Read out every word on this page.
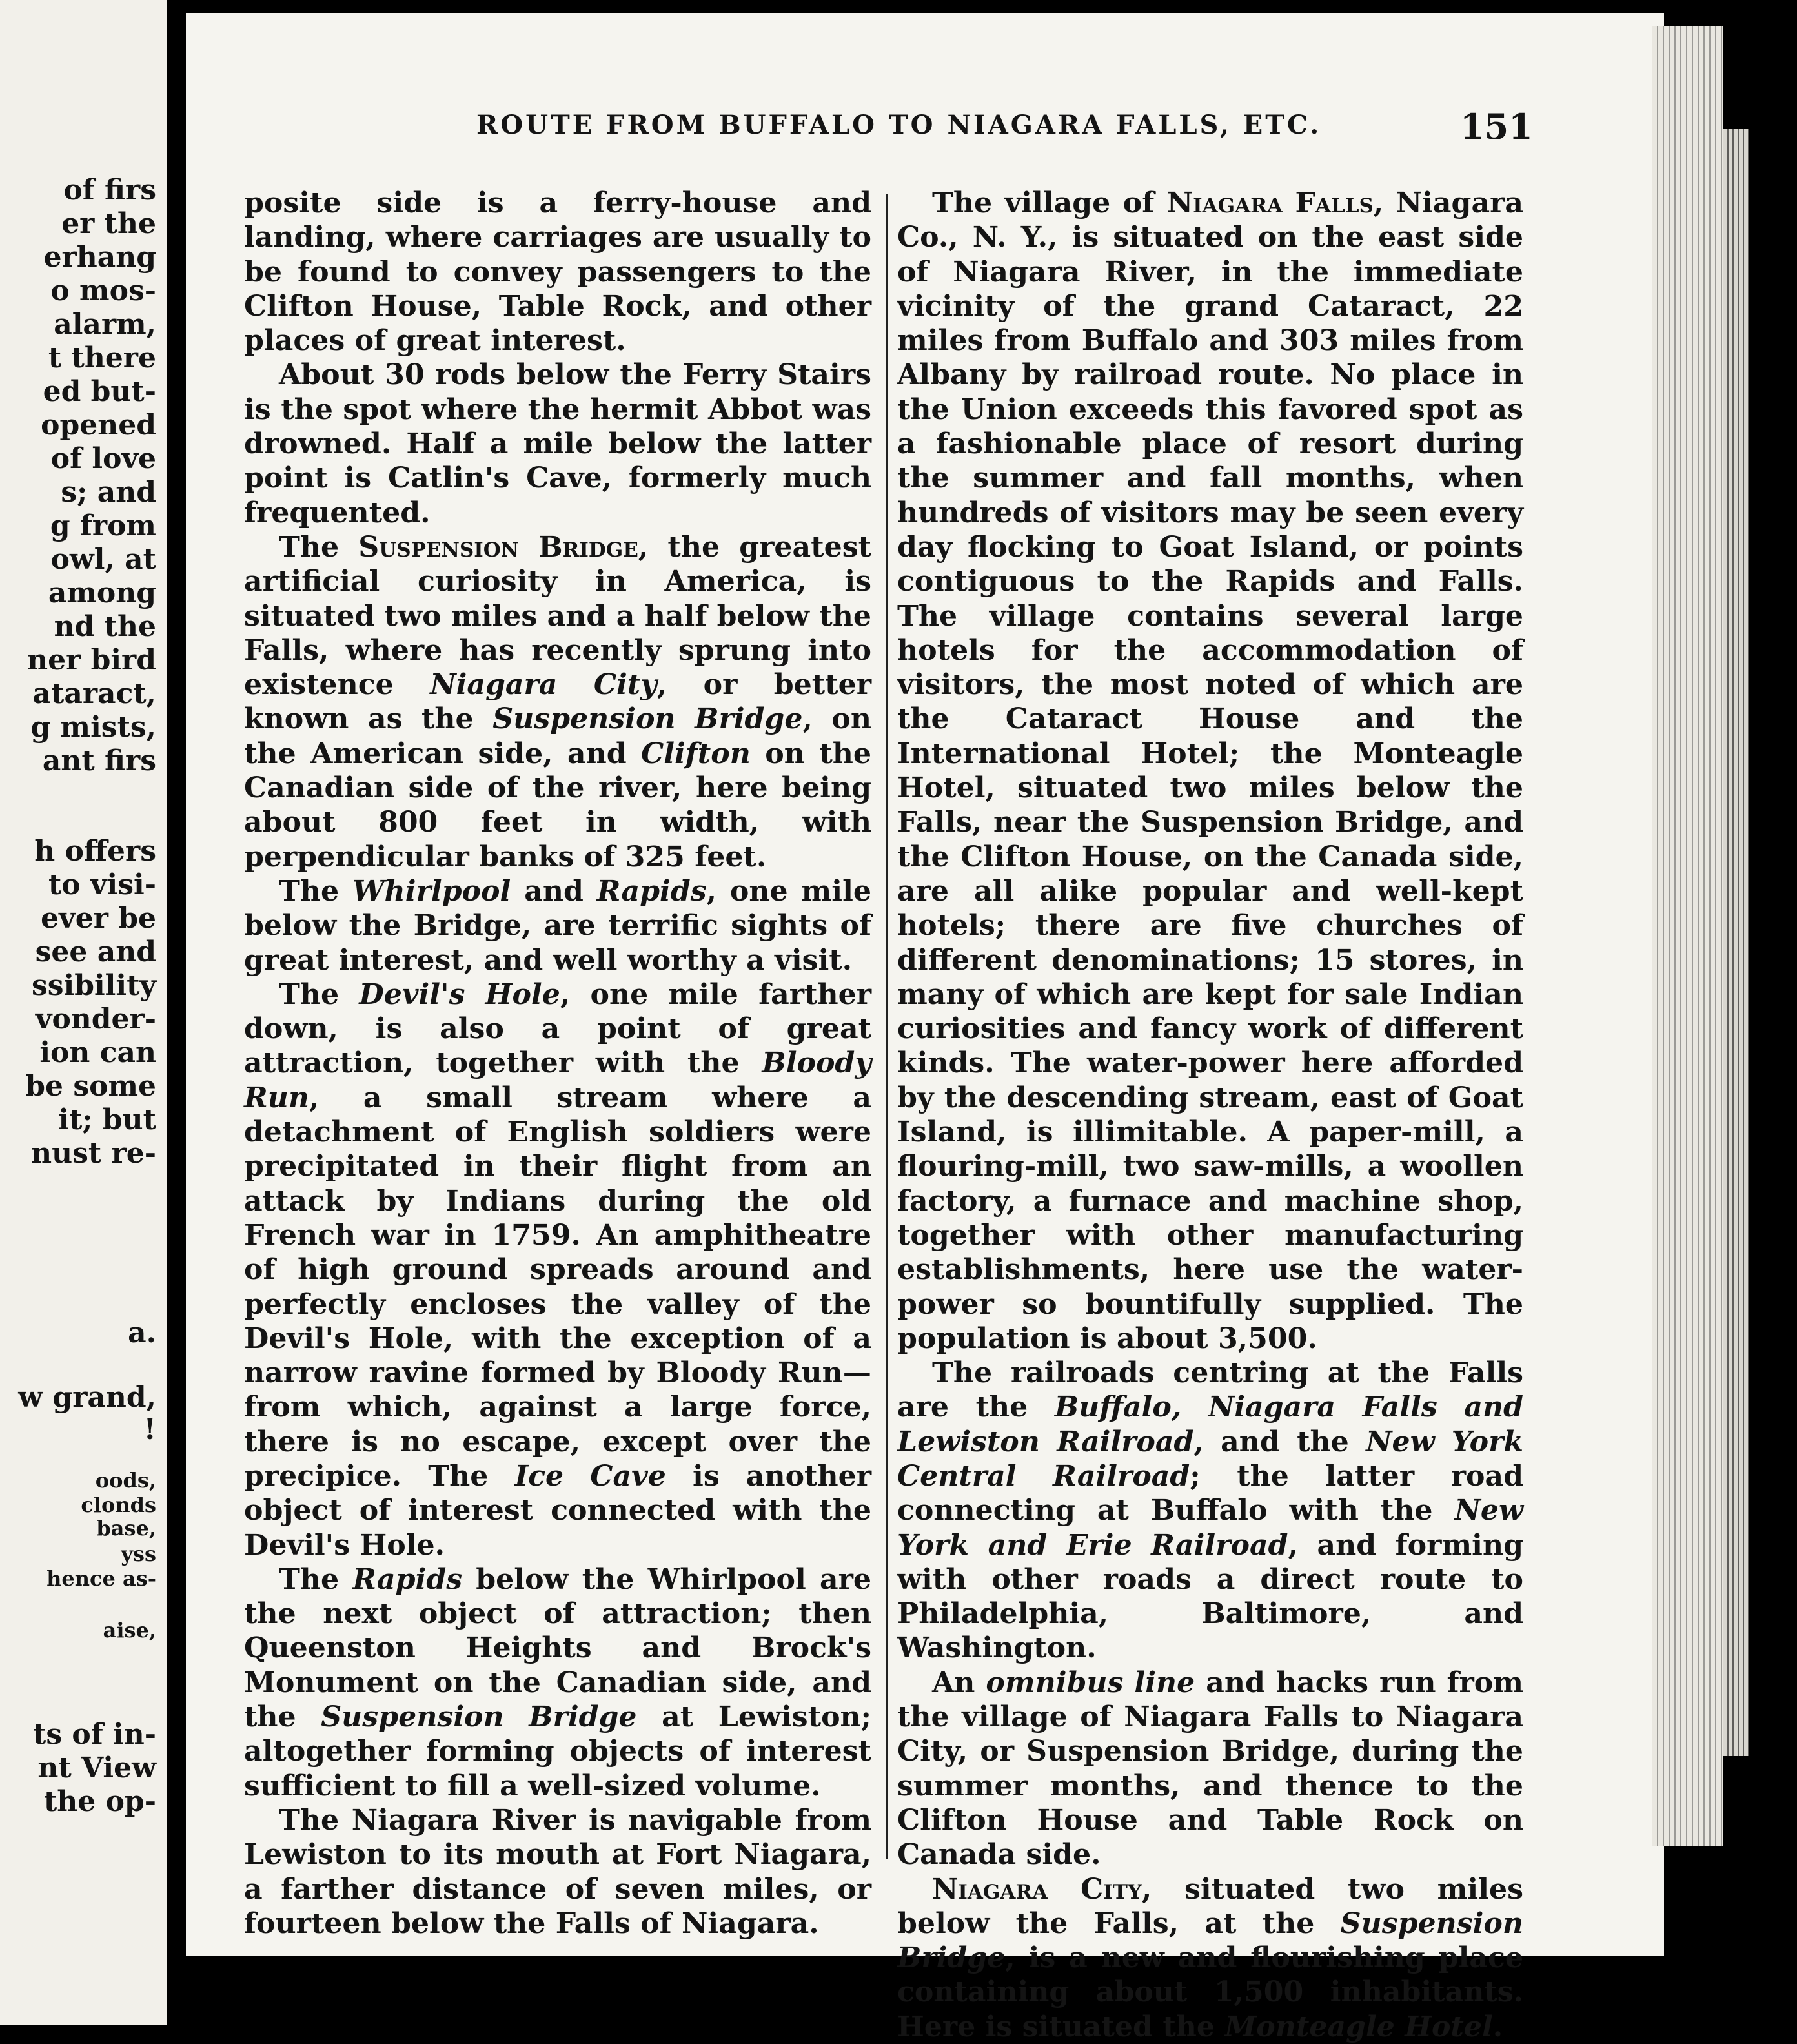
of firs
er the
erhang
o mos-
alarm,
t there
ed but-
opened
of love
s; and
g from
owl, at
among
nd the
ner bird
ataract,
g mists,
ant firs
h offers
to visi-
ever be
see and
ssibility
vonder-
ion can
be some
it; but
nust re-
a.
w grand,
!
oods,
clonds
base,
yss
hence as-
aise,
ts of in-
nt View
the op-
ROUTE FROM BUFFALO TO NIAGARA FALLS, ETC.	151

posite side is a ferry-house and landing, where carriages are usually to be found to convey passengers to the Clifton House, Table Rock, and other places of great interest.

About 30 rods below the Ferry Stairs is the spot where the hermit Abbot was drowned. Half a mile below the latter point is Catlin's Cave, formerly much frequented.

The Suspension Bridge, the greatest artificial curiosity in America, is situated two miles and a half below the Falls, where has recently sprung into existence Niagara City, or better known as the Suspension Bridge, on the American side, and Clifton on the Canadian side of the river, here being about 800 feet in width, with perpendicular banks of 325 feet.

The Whirlpool and Rapids, one mile below the Bridge, are terrific sights of great interest, and well worthy a visit.

The Devil's Hole, one mile farther down, is also a point of great attraction, together with the Bloody Run, a small stream where a detachment of English soldiers were precipitated in their flight from an attack by Indians during the old French war in 1759. An amphitheatre of high ground spreads around and perfectly encloses the valley of the Devil's Hole, with the exception of a narrow ravine formed by Bloody Run—from which, against a large force, there is no escape, except over the precipice. The Ice Cave is another object of interest connected with the Devil's Hole.

The Rapids below the Whirlpool are the next object of attraction; then Queenston Heights and Brock's Monument on the Canadian side, and the Suspension Bridge at Lewiston; altogether forming objects of interest sufficient to fill a well-sized volume.

The Niagara River is navigable from Lewiston to its mouth at Fort Niagara, a farther distance of seven miles, or fourteen below the Falls of Niagara.

The village of Niagara Falls, Niagara Co., N. Y., is situated on the east side of Niagara River, in the immediate vicinity of the grand Cataract, 22 miles from Buffalo and 303 miles from Albany by railroad route. No place in the Union exceeds this favored spot as a fashionable place of resort during the summer and fall months, when hundreds of visitors may be seen every day flocking to Goat Island, or points contiguous to the Rapids and Falls. The village contains several large hotels for the accommodation of visitors, the most noted of which are the Cataract House and the International Hotel; the Monteagle Hotel, situated two miles below the Falls, near the Suspension Bridge, and the Clifton House, on the Canada side, are all alike popular and well-kept hotels; there are five churches of different denominations; 15 stores, in many of which are kept for sale Indian curiosities and fancy work of different kinds. The water-power here afforded by the descending stream, east of Goat Island, is illimitable. A paper-mill, a flouring-mill, two saw-mills, a woollen factory, a furnace and machine shop, together with other manufacturing establishments, here use the water-power so bountifully supplied. The population is about 3,500.

The railroads centring at the Falls are the Buffalo, Niagara Falls and Lewiston Railroad, and the New York Central Railroad; the latter road connecting at Buffalo with the New York and Erie Railroad, and forming with other roads a direct route to Philadelphia, Baltimore, and Washington.

An omnibus line and hacks run from the village of Niagara Falls to Niagara City, or Suspension Bridge, during the summer months, and thence to the Clifton House and Table Rock on Canada side.

Niagara City, situated two miles below the Falls, at the Suspension Bridge, is a new and flourishing place containing about 1,500 inhabitants. Here is situated the Monteagle Hotel.
